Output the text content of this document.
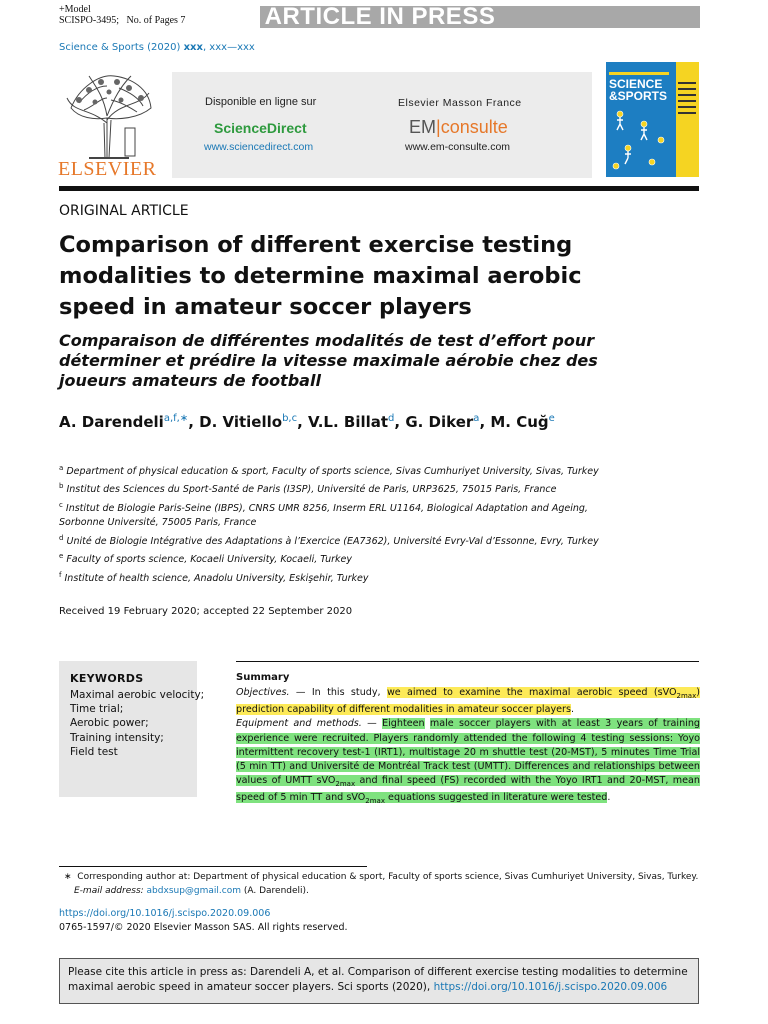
+Model
SCISPO-3495; No. of Pages 7	ARTICLE IN PRESS
Science & Sports (2020) xxx, xxx—xxx
ELSEVIER
Disponible en ligne sur
ScienceDirect
www.sciencedirect.com
Elsevier Masson France
EM|consulte
www.em-consulte.com
SCIENCE
&SPORTS
ORIGINAL ARTICLE
Comparison of different exercise testing modalities to determine maximal aerobic speed in amateur soccer players
Comparaison de différentes modalités de test d’effort pour déterminer et prédire la vitesse maximale aérobie chez des joueurs amateurs de football
A. Darendeli$^{a,f,∗}$, D. Vitiello$^{b,c}$, V.L. Billat$^d$, G. Diker$^a$, M. Cuğ$^e$
$^a$ Department of physical education & sport, Faculty of sports science, Sivas Cumhuriyet University, Sivas, Turkey
$^b$ Institut des Sciences du Sport-Santé de Paris (I3SP), Université de Paris, URP3625, 75015 Paris, France
$^c$ Institut de Biologie Paris-Seine (IBPS), CNRS UMR 8256, Inserm ERL U1164, Biological Adaptation and Ageing, Sorbonne Université, 75005 Paris, France
$^d$ Unité de Biologie Intégrative des Adaptations à l’Exercice (EA7362), Université Evry-Val d’Essonne, Evry, Turkey
$^e$ Faculty of sports science, Kocaeli University, Kocaeli, Turkey
$^f$ Institute of health science, Anadolu University, Eskişehir, Turkey
Received 19 February 2020; accepted 22 September 2020
KEYWORDS
Maximal aerobic velocity;
Time trial;
Aerobic power;
Training intensity;
Field test
Summary
Objectives. — In this study, we aimed to examine the maximal aerobic speed (sVO$_{2max}$) prediction capability of different modalities in amateur soccer players.
Equipment and methods. — Eighteen male soccer players with at least 3 years of training experience were recruited. Players randomly attended the following 4 testing sessions: Yoyo intermittent recovery test-1 (IRT1), multistage 20 m shuttle test (20-MST), 5 minutes Time Trial (5 min TT) and Université de Montréal Track test (UMTT). Differences and relationships between values of UMTT sVO$_{2max}$ and final speed (FS) recorded with the Yoyo IRT1 and 20-MST, mean speed of 5 min TT and sVO$_{2max}$ equations suggested in literature were tested.
∗ Corresponding author at: Department of physical education & sport, Faculty of sports science, Sivas Cumhuriyet University, Sivas, Turkey.
E-mail address: abdxsup@gmail.com (A. Darendeli).
https://doi.org/10.1016/j.scispo.2020.09.006
0765-1597/© 2020 Elsevier Masson SAS. All rights reserved.
Please cite this article in press as: Darendeli A, et al. Comparison of different exercise testing modalities to determine maximal aerobic speed in amateur soccer players. Sci sports (2020), https://doi.org/10.1016/j.scispo.2020.09.006
